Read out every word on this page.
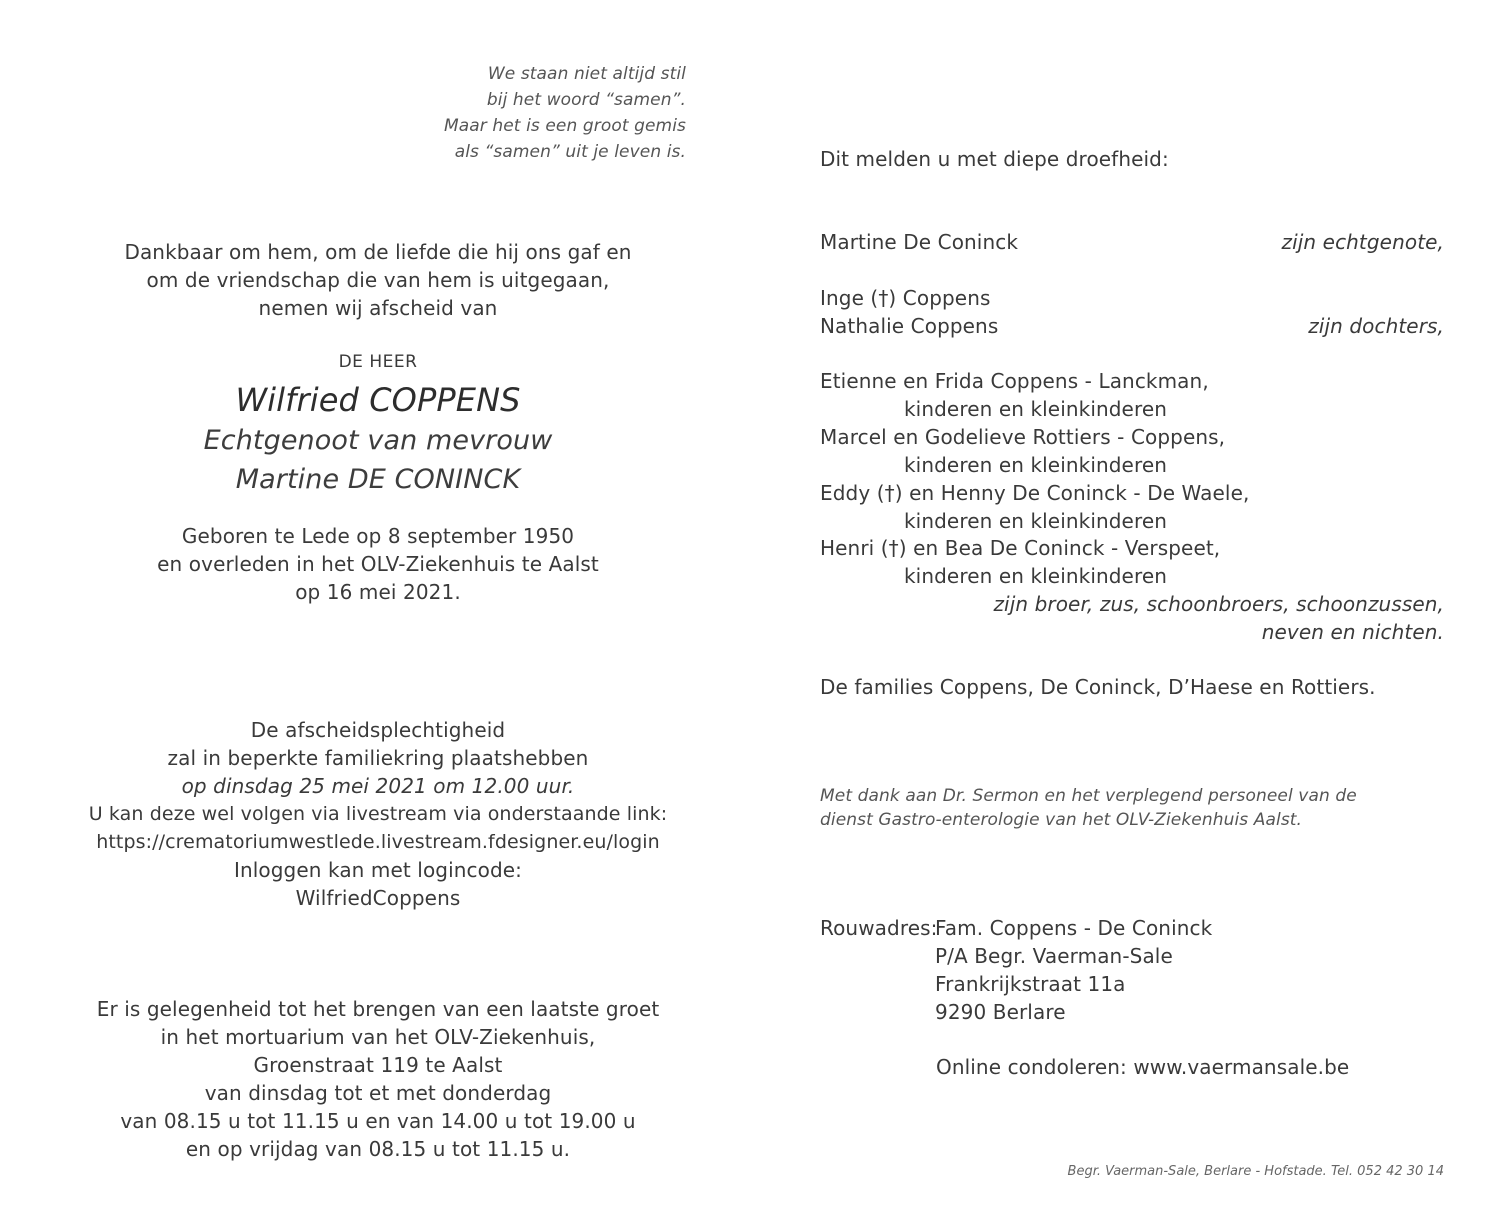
We staan niet altijd stil
bij het woord “samen”.
Maar het is een groot gemis
als “samen” uit je leven is.
Dankbaar om hem, om de liefde die hij ons gaf en
om de vriendschap die van hem is uitgegaan,
nemen wij afscheid van
DE HEER
Wilfried COPPENS
Echtgenoot van mevrouw
Martine DE CONINCK
Geboren te Lede op 8 september 1950
en overleden in het OLV-Ziekenhuis te Aalst
op 16 mei 2021.
De afscheidsplechtigheid
zal in beperkte familiekring plaatshebben
op dinsdag 25 mei 2021 om 12.00 uur.
U kan deze wel volgen via livestream via onderstaande link:
https://crematoriumwestlede.livestream.fdesigner.eu/login
Inloggen kan met logincode:
WilfriedCoppens
Er is gelegenheid tot het brengen van een laatste groet
in het mortuarium van het OLV-Ziekenhuis,
Groenstraat 119 te Aalst
van dinsdag tot et met donderdag
van 08.15 u tot 11.15 u en van 14.00 u tot 19.00 u
en op vrijdag van 08.15 u tot 11.15 u.
Dit melden u met diepe droefheid:
Martine De Coninck	zijn echtgenote,
Inge (†) Coppens
Nathalie Coppens	zijn dochters,
Etienne en Frida Coppens - Lanckman,
kinderen en kleinkinderen
Marcel en Godelieve Rottiers - Coppens,
kinderen en kleinkinderen
Eddy (†) en Henny De Coninck - De Waele,
kinderen en kleinkinderen
Henri (†) en Bea De Coninck - Verspeet,
kinderen en kleinkinderen
zijn broer, zus, schoonbroers, schoonzussen,
neven en nichten.
De families Coppens, De Coninck, D’Haese en Rottiers.
Met dank aan Dr. Sermon en het verplegend personeel van de
dienst Gastro-enterologie van het OLV-Ziekenhuis Aalst.
Rouwadres:
Fam. Coppens - De Coninck
P/A Begr. Vaerman-Sale
Frankrijkstraat 11a
9290 Berlare
Online condoleren: www.vaermansale.be
Begr. Vaerman-Sale, Berlare - Hofstade. Tel. 052 42 30 14
